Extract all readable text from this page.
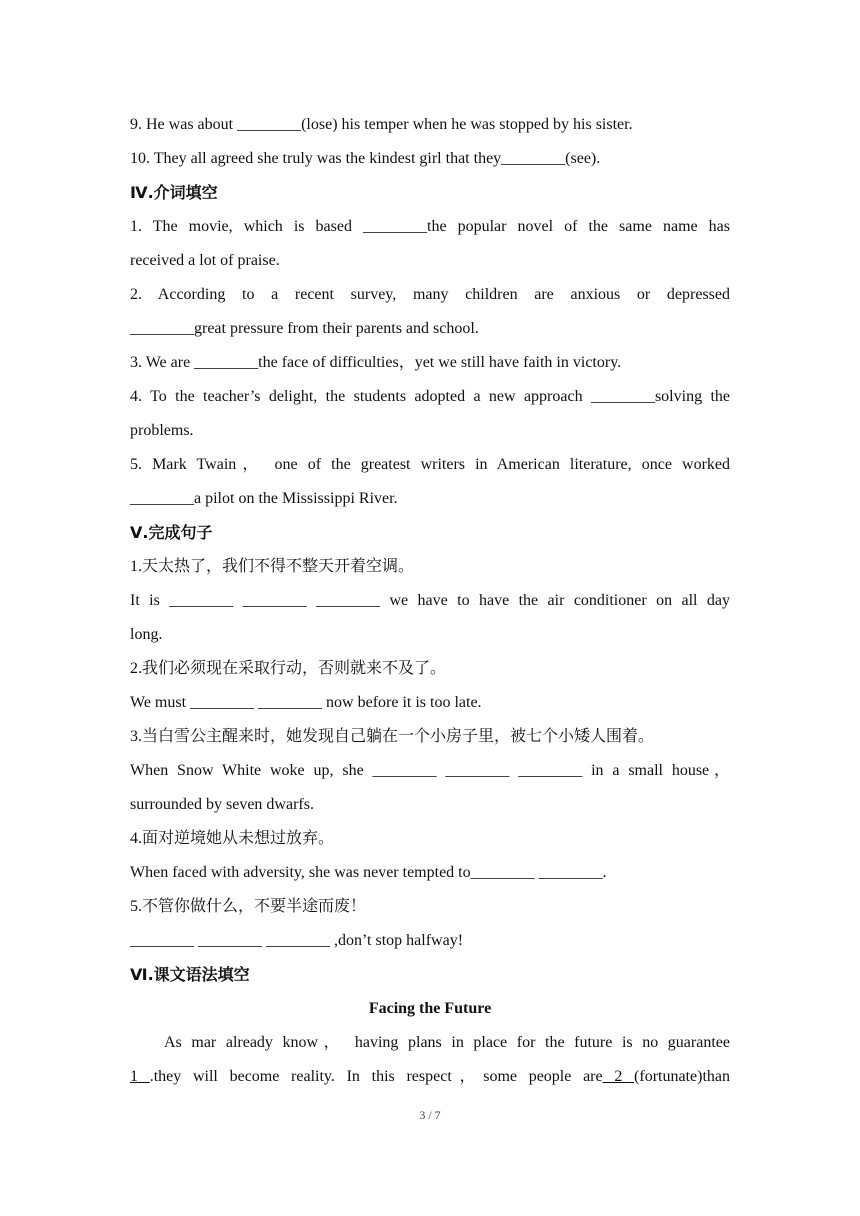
9. He was about ________(lose) his temper when he was stopped by his sister.
10. They all agreed she truly was the kindest girl that they________(see).
Ⅳ.介词填空
1. The movie, which is based ________the popular novel of the same name has
received a lot of praise.
2. According to a recent survey, many children are anxious or depressed
________great pressure from their parents and school.
3. We are ________the face of difficulties，yet we still have faith in victory.
4. To the teacher’s delight, the students adopted a new approach ________solving the
problems.
5. Mark Twain， one of the greatest writers in American literature, once worked
________a pilot on the Mississippi River.
Ⅴ.完成句子
1.天太热了，我们不得不整天开着空调。
It is ________ ________ ________ we have to have the air conditioner on all day
long.
2.我们必须现在采取行动，否则就来不及了。
We must ________ ________ now before it is too late.
3.当白雪公主醒来时，她发现自己躺在一个小房子里，被七个小矮人围着。
When Snow White woke up, she ________ ________ ________ in a small house，
surrounded by seven dwarfs.
4.面对逆境她从未想过放弃。
When faced with adversity, she was never tempted to________ ________.
5.不管你做什么，不要半途而废！
________ ________ ________ ,don’t stop halfway!
Ⅵ.课文语法填空
Facing the Future
As mar already know， having plans in place for the future is no guarantee
1 .they will become reality. In this respect，some people are 2 (fortunate)than
3 / 7
